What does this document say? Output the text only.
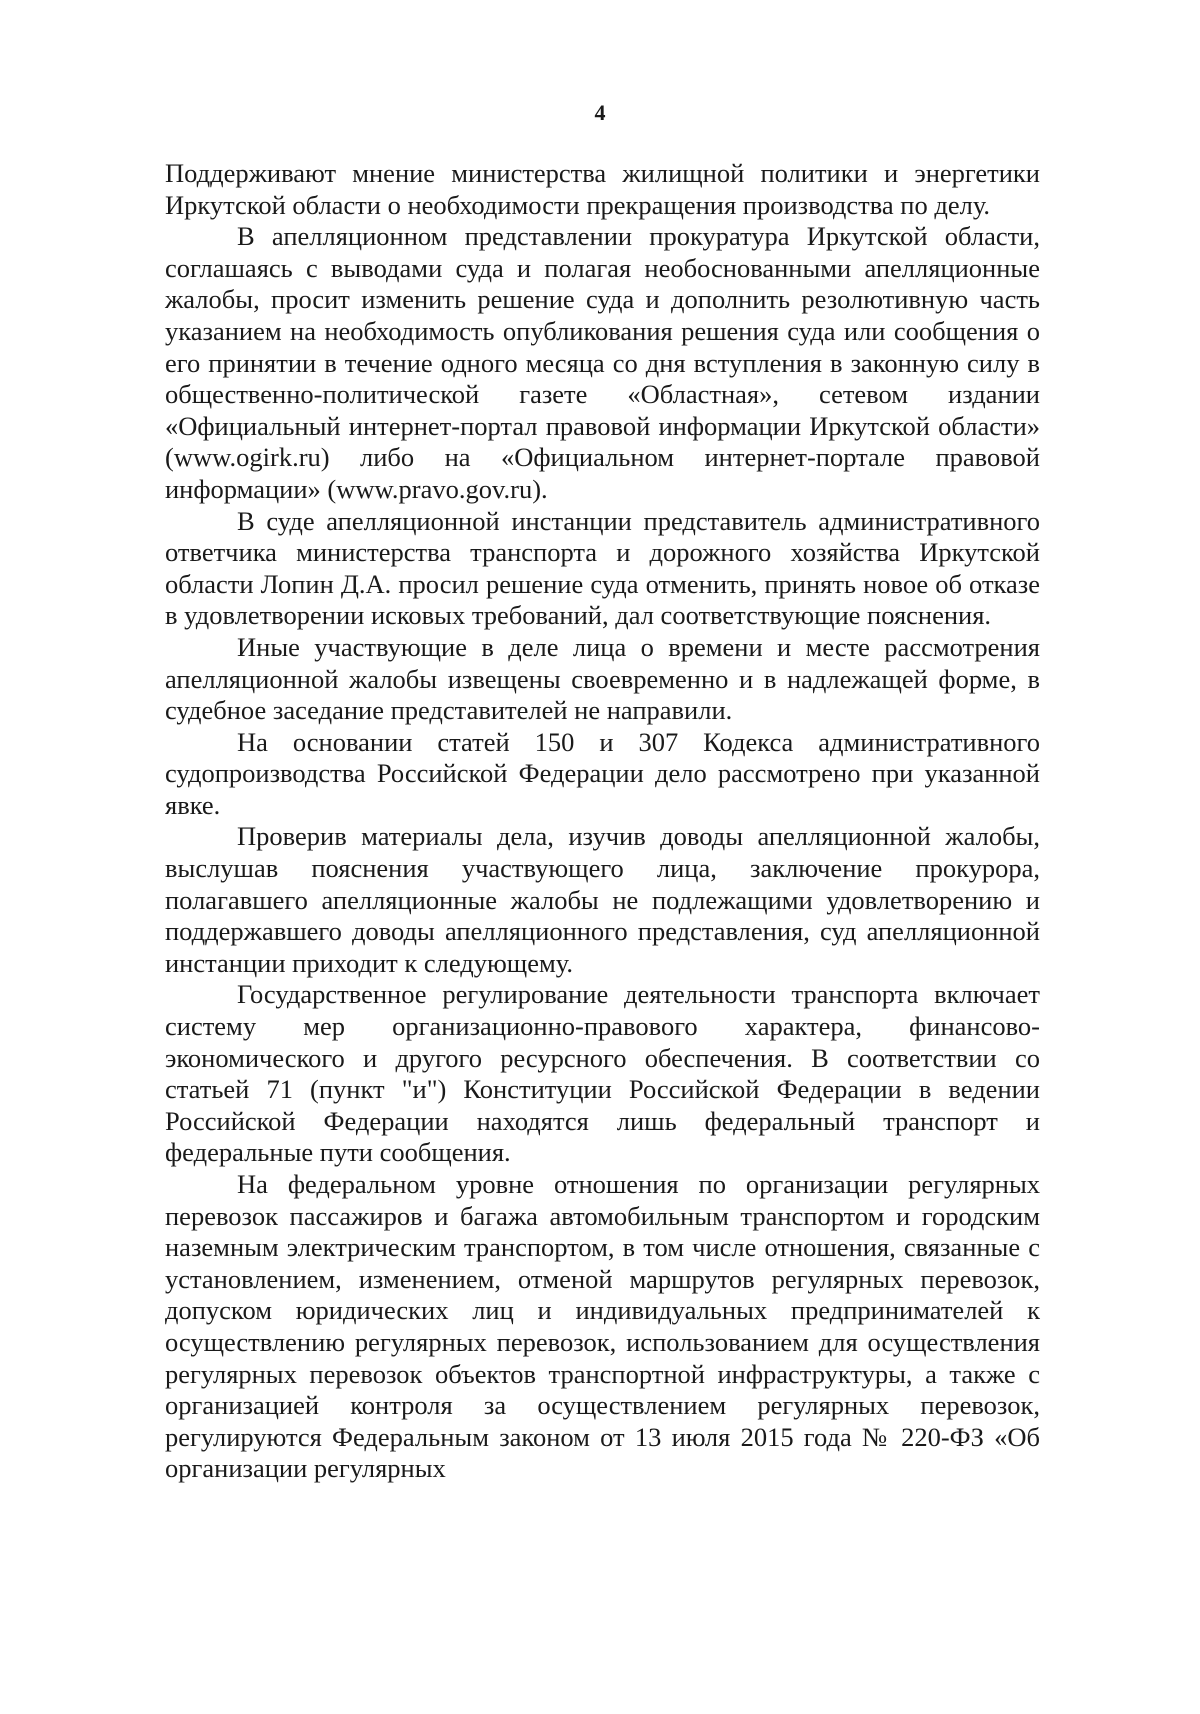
4

Поддерживают мнение министерства жилищной политики и энергетики Иркутской области о необходимости прекращения производства по делу.

В апелляционном представлении прокуратура Иркутской области, соглашаясь с выводами суда и полагая необоснованными апелляционные жалобы, просит изменить решение суда и дополнить резолютивную часть указанием на необходимость опубликования решения суда или сообщения о его принятии в течение одного месяца со дня вступления в законную силу в общественно-политической газете «Областная», сетевом издании «Официальный интернет-портал правовой информации Иркутской области» (www.ogirk.ru) либо на «Официальном интернет-портале правовой информации» (www.pravo.gov.ru).

В суде апелляционной инстанции представитель административного ответчика министерства транспорта и дорожного хозяйства Иркутской области Лопин Д.А. просил решение суда отменить, принять новое об отказе в удовлетворении исковых требований, дал соответствующие пояснения.

Иные участвующие в деле лица о времени и месте рассмотрения апелляционной жалобы извещены своевременно и в надлежащей форме, в судебное заседание представителей не направили.

На основании статей 150 и 307 Кодекса административного судопроизводства Российской Федерации дело рассмотрено при указанной явке.

Проверив материалы дела, изучив доводы апелляционной жалобы, выслушав пояснения участвующего лица, заключение прокурора, полагавшего апелляционные жалобы не подлежащими удовлетворению и поддержавшего доводы апелляционного представления, суд апелляционной инстанции приходит к следующему.

Государственное регулирование деятельности транспорта включает систему мер организационно-правового характера, финансово-экономического и другого ресурсного обеспечения. В соответствии со статьей 71 (пункт "и") Конституции Российской Федерации в ведении Российской Федерации находятся лишь федеральный транспорт и федеральные пути сообщения.

На федеральном уровне отношения по организации регулярных перевозок пассажиров и багажа автомобильным транспортом и городским наземным электрическим транспортом, в том числе отношения, связанные с установлением, изменением, отменой маршрутов регулярных перевозок, допуском юридических лиц и индивидуальных предпринимателей к осуществлению регулярных перевозок, использованием для осуществления регулярных перевозок объектов транспортной инфраструктуры, а также с организацией контроля за осуществлением регулярных перевозок, регулируются Федеральным законом от 13 июля 2015 года № 220-ФЗ «Об организации регулярных
